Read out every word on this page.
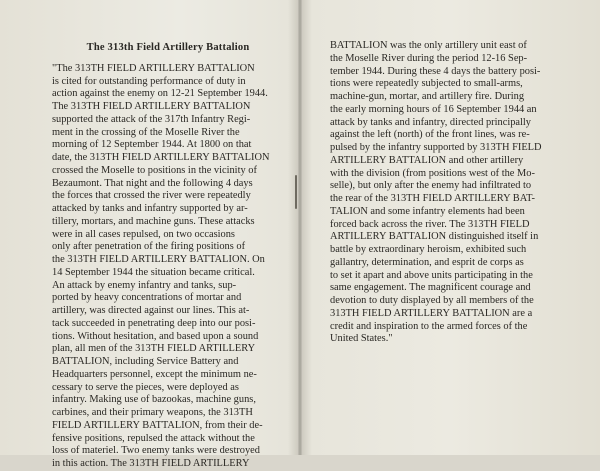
The 313th Field Artillery Battalion
"The 313TH FIELD ARTILLERY BATTALION
is cited for outstanding performance of duty in
action against the enemy on 12-21 September 1944.
The 313TH FIELD ARTILLERY BATTALION
supported the attack of the 317th Infantry Regi-
ment in the crossing of the Moselle River the
morning of 12 September 1944. At 1800 on that
date, the 313TH FIELD ARTILLERY BATTALION
crossed the Moselle to positions in the vicinity of
Bezaumont. That night and the following 4 days
the forces that crossed the river were repeatedly
attacked by tanks and infantry supported by ar-
tillery, mortars, and machine guns. These attacks
were in all cases repulsed, on two occasions
only after penetration of the firing positions of
the 313TH FIELD ARTILLERY BATTALION. On
14 September 1944 the situation became critical.
An attack by enemy infantry and tanks, sup-
ported by heavy concentrations of mortar and
artillery, was directed against our lines. This at-
tack succeeded in penetrating deep into our posi-
tions. Without hesitation, and based upon a sound
plan, all men of the 313TH FIELD ARTILLERY
BATTALION, including Service Battery and
Headquarters personnel, except the minimum ne-
cessary to serve the pieces, were deployed as
infantry. Making use of bazookas, machine guns,
carbines, and their primary weapons, the 313TH
FIELD ARTILLERY BATTALION, from their de-
fensive positions, repulsed the attack without the
loss of materiel. Two enemy tanks were destroyed
in this action. The 313TH FIELD ARTILLERY
BATTALION was the only artillery unit east of
the Moselle River during the period 12-16 Sep-
tember 1944. During these 4 days the battery posi-
tions were repeatedly subjected to small-arms,
machine-gun, mortar, and artillery fire. During
the early morning hours of 16 September 1944 an
attack by tanks and infantry, directed principally
against the left (north) of the front lines, was re-
pulsed by the infantry supported by 313TH FIELD
ARTILLERY BATTALION and other artillery
with the division (from positions west of the Mo-
selle), but only after the enemy had infiltrated to
the rear of the 313TH FIELD ARTILLERY BAT-
TALION and some infantry elements had been
forced back across the river. The 313TH FIELD
ARTILLERY BATTALION distinguished itself in
battle by extraordinary heroism, exhibited such
gallantry, determination, and esprit de corps as
to set it apart and above units participating in the
same engagement. The magnificent courage and
devotion to duty displayed by all members of the
313TH FIELD ARTILLERY BATTALION are a
credit and inspiration to the armed forces of the
United States."
